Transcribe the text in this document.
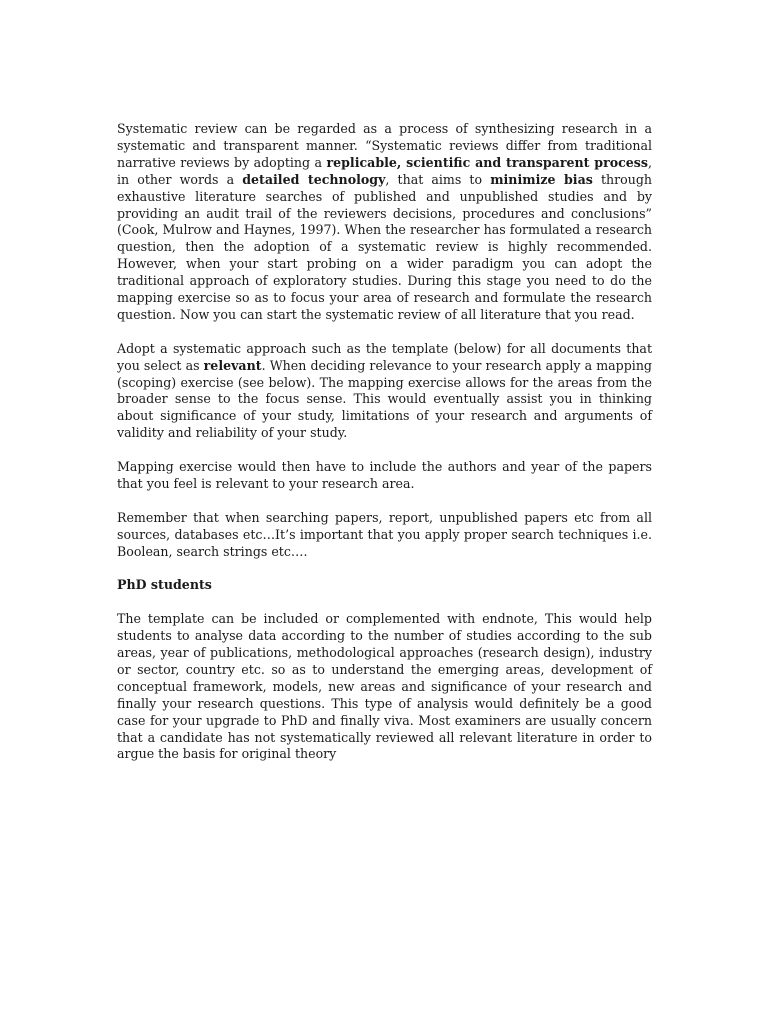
Systematic review can be regarded as a process of synthesizing research in a systematic and transparent manner. “Systematic reviews differ from traditional narrative reviews by adopting a replicable, scientific and transparent process, in other words a detailed technology, that aims to minimize bias through exhaustive literature searches of published and unpublished studies and by providing an audit trail of the reviewers decisions, procedures and conclusions” (Cook, Mulrow and Haynes, 1997). When the researcher has formulated a research question, then the adoption of a systematic review is highly recommended. However, when your start probing on a wider paradigm you can adopt the traditional approach of exploratory studies. During this stage you need to do the mapping exercise so as to focus your area of research and formulate the research question. Now you can start the systematic review of all literature that you read.

Adopt a systematic approach such as the template (below) for all documents that you select as relevant. When deciding relevance to your research apply a mapping (scoping) exercise (see below). The mapping exercise allows for the areas from the broader sense to the focus sense. This would eventually assist you in thinking about significance of your study, limitations of your research and arguments of validity and reliability of your study.

Mapping exercise would then have to include the authors and year of the papers that you feel is relevant to your research area.

Remember that when searching papers, report, unpublished papers etc from all sources, databases etc…It’s important that you apply proper search techniques i.e. Boolean, search strings etc….

PhD students

The template can be included or complemented with endnote, This would help students to analyse data according to the number of studies according to the sub areas, year of publications, methodological approaches (research design), industry or sector, country etc. so as to understand the emerging areas, development of conceptual framework, models, new areas and significance of your research and finally your research questions. This type of analysis would definitely be a good case for your upgrade to PhD and finally viva. Most examiners are usually concern that a candidate has not systematically reviewed all relevant literature in order to argue the basis for original theory
